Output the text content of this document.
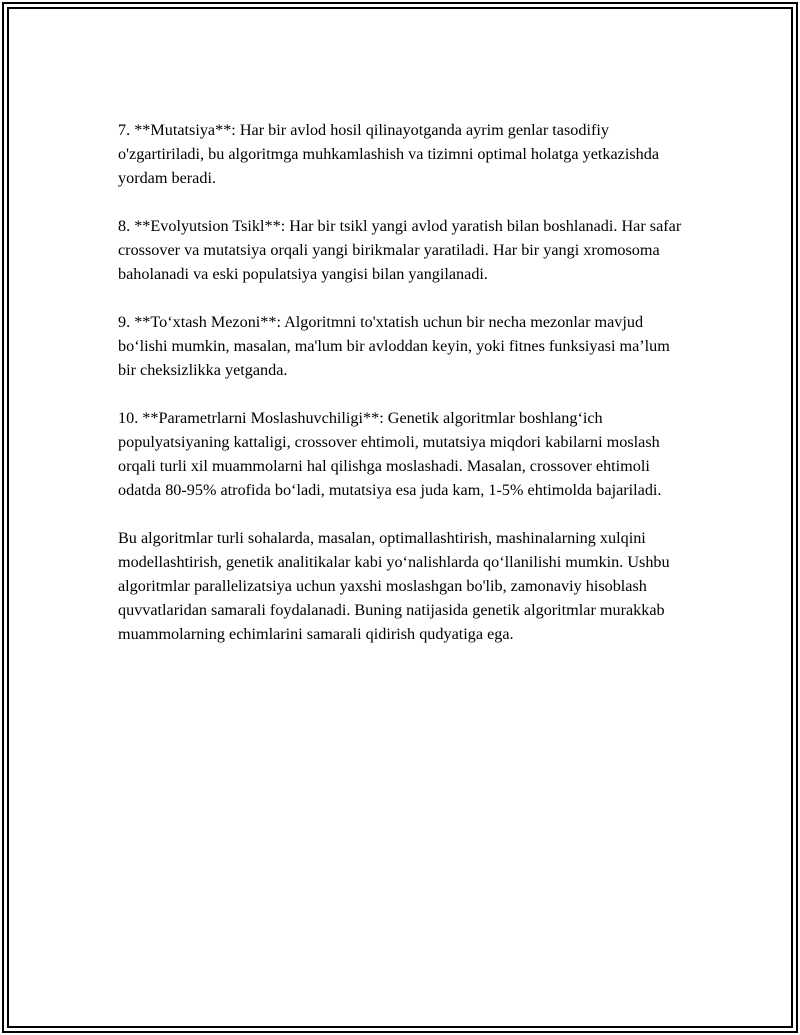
7. **Mutatsiya**: Har bir avlod hosil qilinayotganda ayrim genlar tasodifiy o'zgartiriladi, bu algoritmga muhkamlashish va tizimni optimal holatga yetkazishda yordam beradi.

8. **Evolyutsion Tsikl**: Har bir tsikl yangi avlod yaratish bilan boshlanadi. Har safar crossover va mutatsiya orqali yangi birikmalar yaratiladi. Har bir yangi xromosoma baholanadi va eski populatsiya yangisi bilan yangilanadi.

9. **To‘xtash Mezoni**: Algoritmni to'xtatish uchun bir necha mezonlar mavjud bo‘lishi mumkin, masalan, ma'lum bir avloddan keyin, yoki fitnes funksiyasi ma’lum bir cheksizlikka yetganda.

10. **Parametrlarni Moslashuvchiligi**: Genetik algoritmlar boshlang‘ich populyatsiyaning kattaligi, crossover ehtimoli, mutatsiya miqdori kabilarni moslash orqali turli xil muammolarni hal qilishga moslashadi. Masalan, crossover ehtimoli odatda 80-95% atrofida bo‘ladi, mutatsiya esa juda kam, 1-5% ehtimolda bajariladi.

Bu algoritmlar turli sohalarda, masalan, optimallashtirish, mashinalarning xulqini modellashtirish, genetik analitikalar kabi yo‘nalishlarda qo‘llanilishi mumkin. Ushbu algoritmlar parallelizatsiya uchun yaxshi moslashgan bo'lib, zamonaviy hisoblash quvvatlaridan samarali foydalanadi. Buning natijasida genetik algoritmlar murakkab muammolarning echimlarini samarali qidirish qudyatiga ega.
